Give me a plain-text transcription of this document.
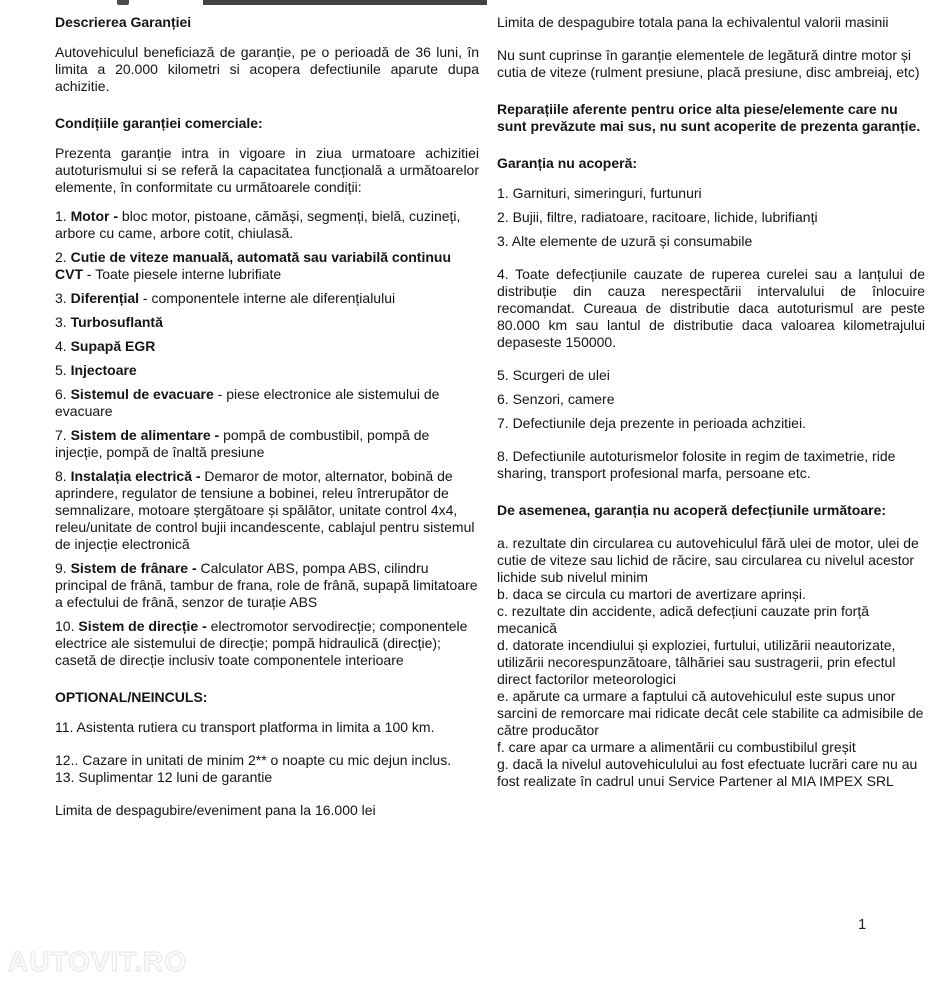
Descrierea Garanției

Autovehiculul beneficiază de garanție, pe o perioadă de 36 luni, în limita a 20.000 kilometri si acopera defectiunile aparute dupa achizitie.

Condițiile garanției comerciale:

Prezenta garanție intra in vigoare in ziua urmatoare achizitiei autoturismului si se referă la capacitatea funcțională a următoarelor elemente, în conformitate cu următoarele condiții:

1. Motor - bloc motor, pistoane, cămăși, segmenți, bielă, cuzineți, arbore cu came, arbore cotit, chiulasă.

2. Cutie de viteze manuală, automată sau variabilă continuu CVT - Toate piesele interne lubrifiate

3. Diferențial - componentele interne ale diferențialului

3. Turbosuflantă

4. Supapă EGR

5. Injectoare

6. Sistemul de evacuare - piese electronice ale sistemului de evacuare

7. Sistem de alimentare - pompă de combustibil, pompă de injecție, pompă de înaltă presiune

8. Instalația electrică - Demaror de motor, alternator, bobină de aprindere, regulator de tensiune a bobinei, releu întrerupător de semnalizare, motoare ștergătoare și spălător, unitate control 4x4, releu/unitate de control bujii incandescente, cablajul pentru sistemul de injecție electronică

9. Sistem de frânare - Calculator ABS, pompa ABS, cilindru principal de frână, tambur de frana, role de frână, supapă limitatoare a efectului de frână, senzor de turație ABS

10. Sistem de direcție - electromotor servodirecție; componentele electrice ale sistemului de direcție; pompă hidraulică (direcție); casetă de direcție inclusiv toate componentele interioare

OPTIONAL/NEINCULS:

11. Asistenta rutiera cu transport platforma in limita a 100 km.

12.. Cazare in unitati de minim 2** o noapte cu mic dejun inclus.

13. Suplimentar 12 luni de garantie

Limita de despagubire/eveniment pana la 16.000 lei

Limita de despagubire totala pana la echivalentul valorii masinii

Nu sunt cuprinse în garanție elementele de legătură dintre motor și cutia de viteze (rulment presiune, placă presiune, disc ambreiaj, etc)

Reparațiile aferente pentru orice alta piese/elemente care nu sunt prevăzute mai sus, nu sunt acoperite de prezenta garanție.

Garanția nu acoperă:

1. Garnituri, simeringuri, furtunuri

2. Bujii, filtre, radiatoare, racitoare, lichide, lubrifianți

3. Alte elemente de uzură și consumabile

4. Toate defecțiunile cauzate de ruperea curelei sau a lanțului de distribuție din cauza nerespectării intervalului de înlocuire recomandat. Cureaua de distributie daca autoturismul are peste 80.000 km sau lantul de distributie daca valoarea kilometrajului depaseste 150000.

5. Scurgeri de ulei

6. Senzori, camere

7. Defectiunile deja prezente in perioada achzitiei.

8. Defectiunile autoturismelor folosite in regim de taximetrie, ride sharing, transport profesional marfa, persoane etc.

De asemenea, garanția nu acoperă defecțiunile următoare:

a. rezultate din circularea cu autovehiculul fără ulei de motor, ulei de cutie de viteze sau lichid de răcire, sau circularea cu nivelul acestor lichide sub nivelul minim

b. daca se circula cu martori de avertizare aprinși.

c. rezultate din accidente, adică defecțiuni cauzate prin forță mecanică

d. datorate incendiului și exploziei, furtului, utilizării neautorizate, utilizării necorespunzătoare, tâlhăriei sau sustragerii, prin efectul direct factorilor meteorologici

e. apărute ca urmare a faptului că autovehiculul este supus unor sarcini de remorcare mai ridicate decât cele stabilite ca admisibile de către producător

f. care apar ca urmare a alimentării cu combustibilul greșit

g. dacă la nivelul autovehiculului au fost efectuate lucrări care nu au fost realizate în cadrul unui Service Partener al MIA IMPEX SRL

AUTOVIT.RO
1
